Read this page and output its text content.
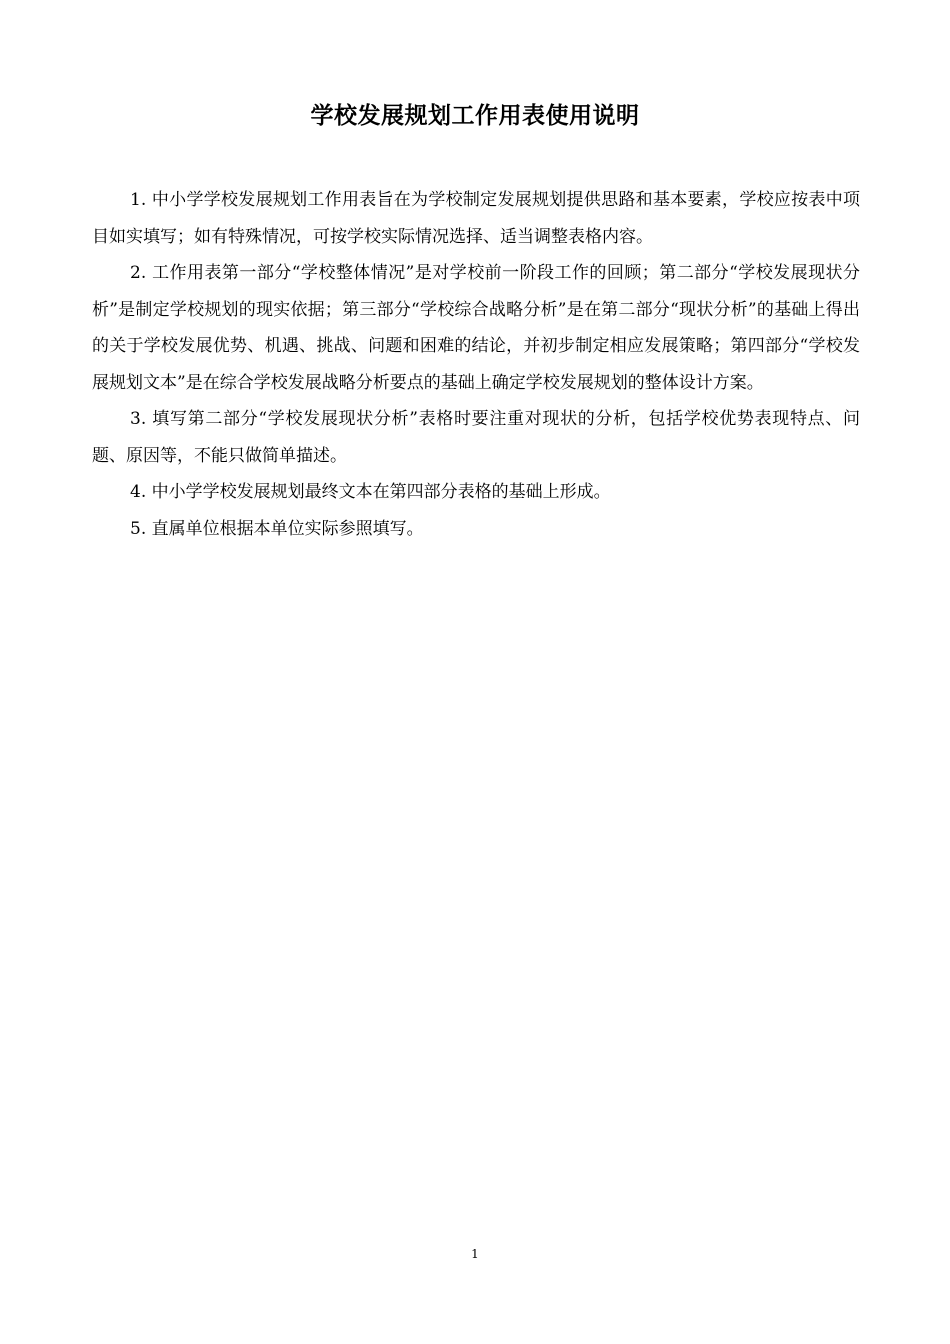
学校发展规划工作用表使用说明

1. 中小学学校发展规划工作用表旨在为学校制定发展规划提供思路和基本要素，学校应按表中项目如实填写；如有特殊情况，可按学校实际情况选择、适当调整表格内容。

2. 工作用表第一部分“学校整体情况”是对学校前一阶段工作的回顾；第二部分“学校发展现状分析”是制定学校规划的现实依据；第三部分“学校综合战略分析”是在第二部分“现状分析”的基础上得出的关于学校发展优势、机遇、挑战、问题和困难的结论，并初步制定相应发展策略；第四部分“学校发展规划文本”是在综合学校发展战略分析要点的基础上确定学校发展规划的整体设计方案。

3. 填写第二部分“学校发展现状分析”表格时要注重对现状的分析，包括学校优势表现特点、问题、原因等，不能只做简单描述。

4. 中小学学校发展规划最终文本在第四部分表格的基础上形成。

5. 直属单位根据本单位实际参照填写。

1
